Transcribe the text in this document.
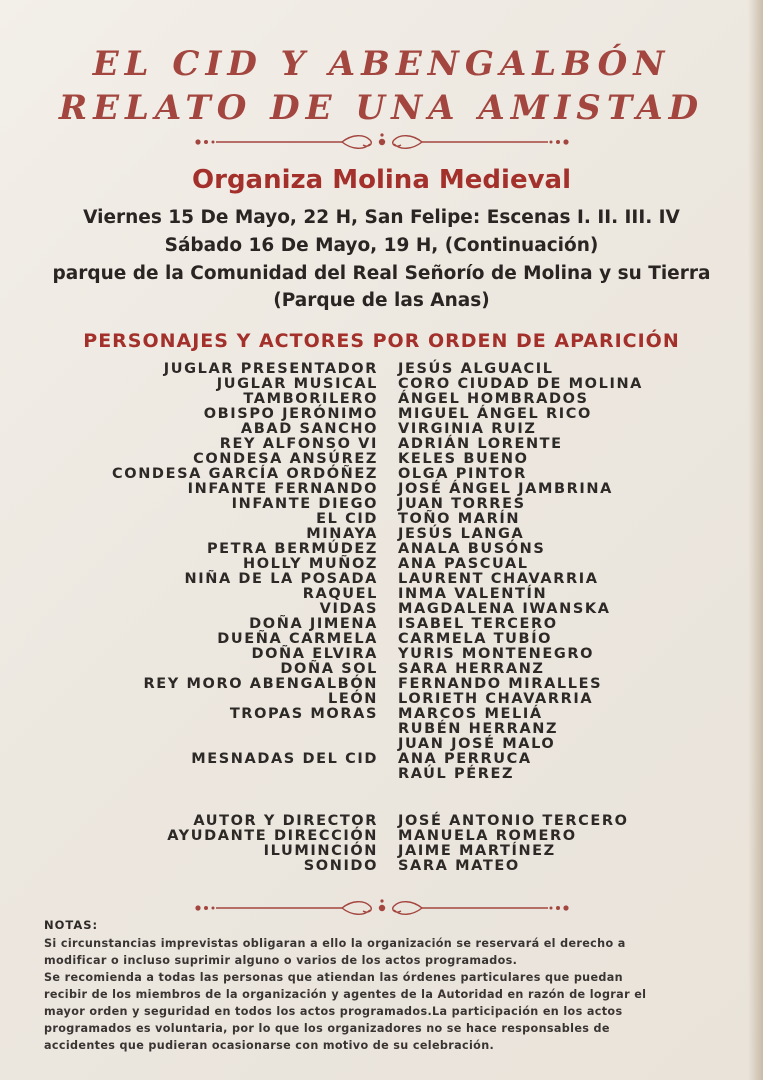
EL CID Y ABENGALBÓN
RELATO DE UNA AMISTAD
Organiza Molina Medieval
Viernes 15 De Mayo, 22 H, San Felipe: Escenas I. II. III. IV
Sábado 16 De Mayo, 19 H, (Continuación)
parque de la Comunidad del Real Señorío de Molina y su Tierra
(Parque de las Anas)
PERSONAJES Y ACTORES POR ORDEN DE APARICIÓN
JUGLAR PRESENTADOR JESÚS ALGUACIL
JUGLAR MUSICAL CORO CIUDAD DE MOLINA
TAMBORILERO ÁNGEL HOMBRADOS
OBISPO JERÓNIMO MIGUEL ÁNGEL RICO
ABAD SANCHO VIRGINIA RUIZ
REY ALFONSO VI ADRIÁN LORENTE
CONDESA ANSÚREZ KELES BUENO
CONDESA GARCÍA ORDÓÑEZ OLGA PINTOR
INFANTE FERNANDO JOSÉ ÁNGEL JAMBRINA
INFANTE DIEGO JUAN TORRES
EL CID TOÑO MARÍN
MINAYA JESÚS LANGA
PETRA BERMÚDEZ ANALA BUSÓNS
HOLLY MUÑOZ ANA PASCUAL
NIÑA DE LA POSADA LAURENT CHAVARRIA
RAQUEL INMA VALENTÍN
VIDAS MAGDALENA IWANSKA
DOÑA JIMENA ISABEL TERCERO
DUEÑA CARMELA CARMELA TUBÍO
DOÑA ELVIRA YURIS MONTENEGRO
DOÑA SOL SARA HERRANZ
REY MORO ABENGALBÓN FERNANDO MIRALLES
LEÓN LORIETH CHAVARRIA
TROPAS MORAS MARCOS MELIÁ
RUBÉN HERRANZ
JUAN JOSÉ MALO
MESNADAS DEL CID ANA PERRUCA
RAÚL PÉREZ
AUTOR Y DIRECTOR JOSÉ ANTONIO TERCERO
AYUDANTE DIRECCIÓN MANUELA ROMERO
ILUMINCIÓN JAIME MARTÍNEZ
SONIDO SARA MATEO
NOTAS:
Si circunstancias imprevistas obligaran a ello la organización se reservará el derecho a
modificar o incluso suprimir alguno o varios de los actos programados.
Se recomienda a todas las personas que atiendan las órdenes particulares que puedan
recibir de los miembros de la organización y agentes de la Autoridad en razón de lograr el
mayor orden y seguridad en todos los actos programados.La participación en los actos
programados es voluntaria, por lo que los organizadores no se hace responsables de
accidentes que pudieran ocasionarse con motivo de su celebración.
